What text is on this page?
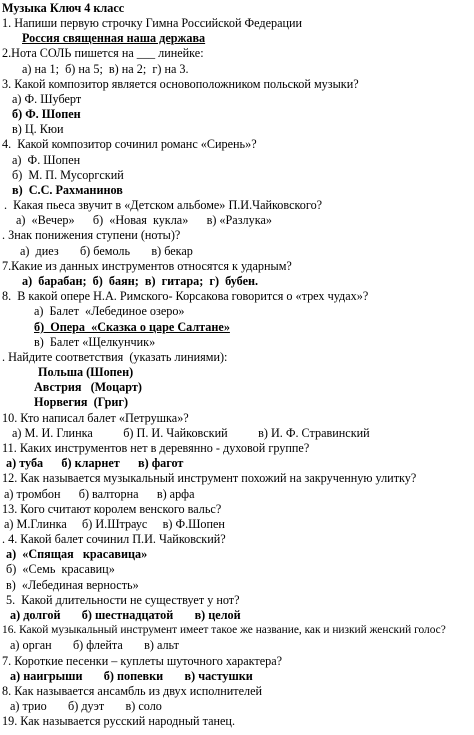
Музыка Ключ 4 класс
1. Напиши первую строчку Гимна Российской Федерации
Россия священная наша держава
2.Нота СОЛЬ пишется на ___ линейке:
а) на 1;  б) на 5;  в) на 2;  г) на 3.
3. Какой композитор является основоположником польской музыки?
а) Ф. Шуберт
б) Ф. Шопен
в) Ц. Кюи
4.  Какой композитор сочинил романс «Сирень»?
а)  Ф. Шопен
б)  М. П. Мусоргский
в)  С.С. Рахманинов
.  Какая пьеса звучит в «Детском альбоме» П.И.Чайковского?
а)  «Вечер»      б)  «Новая  кукла»      в) «Разлука»
. Знак понижения ступени (ноты)?
а)  диез       б) бемоль       в) бекар
7.Какие из данных инструментов относятся к ударным?
а)  барабан;  б)  баян;  в)  гитара;  г)  бубен.
8.  В какой опере Н.А. Римского- Корсакова говорится о «трех чудах»?
а)  Балет  «Лебединое озеро»
б)  Опера  «Сказка о царе Салтане»
в)  Балет «Щелкунчик»
. Найдите соответствия  (указать линиями):
Польша (Шопен)
Австрия   (Моцарт)
Норвегия  (Григ)
10. Кто написал балет «Петрушка»?
а) М. И. Глинка          б) П. И. Чайковский          в) И. Ф. Стравинский
11. Каких инструментов нет в деревянно - духовой группе?
а) туба      б) кларнет      в) фагот
12. Как называется музыкальный инструмент похожий на закрученную улитку?
а) тромбон      б) валторна      в) арфа
13. Кого считают королем венского вальс?
а) М.Глинка     б) И.Штраус     в) Ф.Шопен
. 4. Какой балет сочинил П.И. Чайковский?
а)  «Спящая   красавица»
б)  «Семь  красавиц»
в)  «Лебединая верность»
5.  Какой длительности не существует у нот?
а) долгой       б) шестнадцатой       в) целой
16. Какой музыкальный инструмент имеет такое же название, как и низкий женский голос?
а) орган       б) флейта       в) альт
7. Короткие песенки – куплеты шуточного характера?
а) наигрыши       б) попевки       в) частушки
8. Как называется ансамбль из двух исполнителей
а) трио       б) дуэт       в) соло
19. Как называется русский народный танец.
